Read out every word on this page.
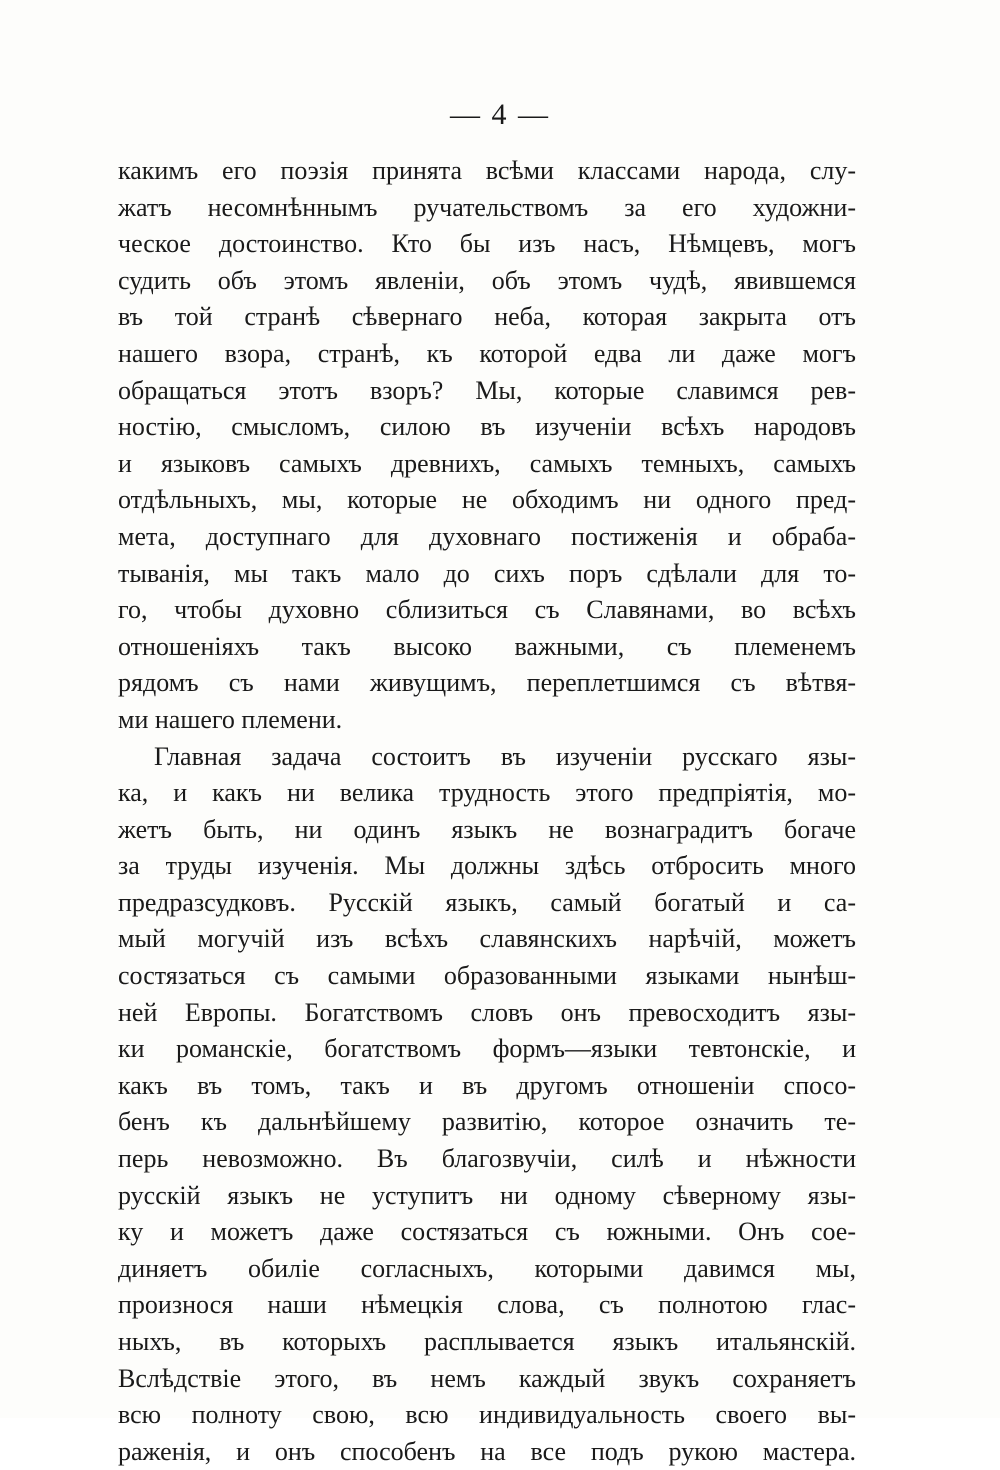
— 4 —
какимъ его поэзія принята всѣми классами народа, слу-
жатъ несомнѣннымъ ручательствомъ за его художни-
ческое достоинство. Кто бы изъ насъ, Нѣмцевъ, могъ
судить объ этомъ явленіи, объ этомъ чудѣ, явившемся
въ той странѣ сѣвернаго неба, которая закрыта отъ
нашего взора, странѣ, къ которой едва ли даже могъ
обращаться этотъ взоръ? Мы, которые славимся рев-
ностію, смысломъ, силою въ изученіи всѣхъ народовъ
и языковъ самыхъ древнихъ, самыхъ темныхъ, самыхъ
отдѣльныхъ, мы, которые не обходимъ ни одного пред-
мета, доступнаго для духовнаго постиженія и обраба-
тыванія, мы такъ мало до сихъ поръ сдѣлали для то-
го, чтобы духовно сблизиться съ Славянами, во всѣхъ
отношеніяхъ такъ высоко важными, съ племенемъ
рядомъ съ нами живущимъ, переплетшимся съ вѣтвя-
ми нашего племени.
Главная задача состоитъ въ изученіи русскаго язы-
ка, и какъ ни велика трудность этого предпріятія, мо-
жетъ быть, ни одинъ языкъ не вознаградитъ богаче
за труды изученія. Мы должны здѣсь отбросить много
предразсудковъ. Русскій языкъ, самый богатый и са-
мый могучій изъ всѣхъ славянскихъ нарѣчій, можетъ
состязаться съ самыми образованными языками нынѣш-
ней Европы. Богатствомъ словъ онъ превосходитъ язы-
ки романскіе, богатствомъ формъ—языки тевтонскіе, и
какъ въ томъ, такъ и въ другомъ отношеніи спосо-
бенъ къ дальнѣйшему развитію, которое означить те-
перь невозможно. Въ благозвучіи, силѣ и нѣжности
русскій языкъ не уступитъ ни одному сѣверному язы-
ку и можетъ даже состязаться съ южными. Онъ сое-
диняетъ обиліе согласныхъ, которыми давимся мы,
произнося наши нѣмецкія слова, съ полнотою глас-
ныхъ, въ которыхъ расплывается языкъ итальянскій.
Вслѣдствіе этого, въ немъ каждый звукъ сохраняетъ
всю полноту свою, всю индивидуальность своего вы-
раженія, и онъ способенъ на все подъ рукою мастера.
